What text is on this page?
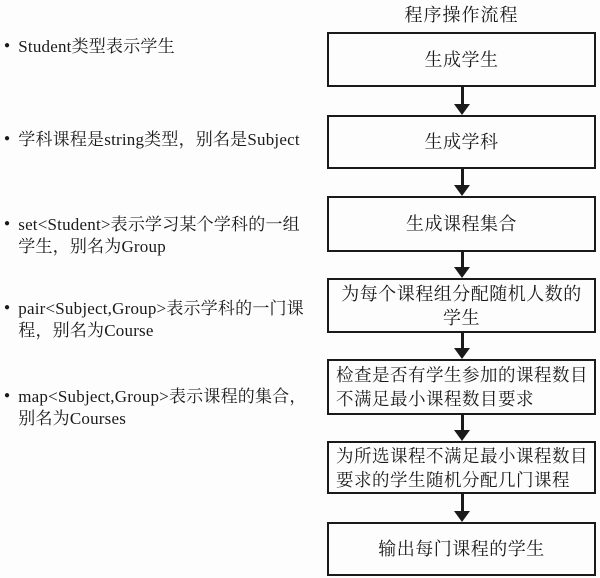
● Student类型表示学生
● 学科课程是string类型，别名是Subject
● set<Student>表示学习某个学科的一组学生，别名为Group
● pair<Subject,Group>表示学科的一门课程，别名为Course
● map<Subject,Group>表示课程的集合，别名为Courses
程序操作流程
生成学生
生成学科
生成课程集合
为每个课程组分配随机人数的学生
检查是否有学生参加的课程数目不满足最小课程数目要求
为所选课程不满足最小课程数目要求的学生随机分配几门课程
输出每门课程的学生
